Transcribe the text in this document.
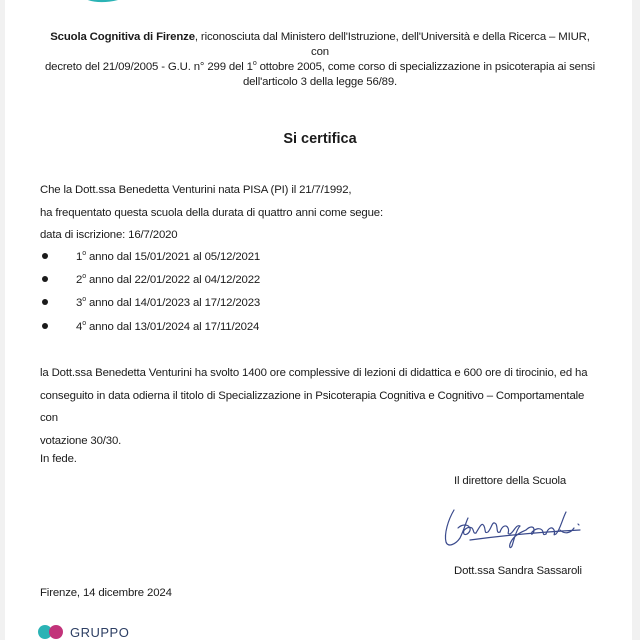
Scuola Cognitiva di Firenze, riconosciuta dal Ministero dell'Istruzione, dell'Università e della Ricerca – MIUR, con
decreto del 21/09/2005 - G.U. n° 299 del 1$^o$ ottobre 2005, come corso di specializzazione in psicoterapia ai sensi
dell'articolo 3 della legge 56/89.
Si certifica
Che la Dott.ssa Benedetta Venturini nata PISA (PI) il 21/7/1992,
ha frequentato questa scuola della durata di quattro anni come segue:
data di iscrizione: 16/7/2020
1$^o$ anno dal 15/01/2021 al 05/12/2021
2$^o$ anno dal 22/01/2022 al 04/12/2022
3$^o$ anno dal 14/01/2023 al 17/12/2023
4$^o$ anno dal 13/01/2024 al 17/11/2024
la Dott.ssa Benedetta Venturini ha svolto 1400 ore complessive di lezioni di didattica e 600 ore di tirocinio, ed ha
conseguito in data odierna il titolo di Specializzazione in Psicoterapia Cognitiva e Cognitivo – Comportamentale con
votazione 30/30.
In fede.
Il direttore della Scuola
Dott.ssa Sandra Sassaroli
Firenze, 14 dicembre 2024
GRUPPO
